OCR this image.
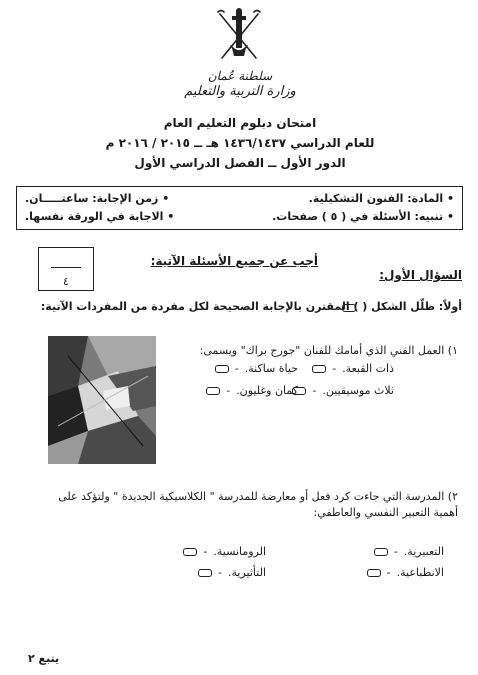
سلطنة عُمان
وزارة التربية والتعليم
امتحان دبلوم التعليم العام
للعام الدراسي ١٤٣٦/١٤٣٧ هـ ــ ٢٠١٥ / ٢٠١٦ م
الدور الأول ــ الفصل الدراسي الأول
• المادة: الفنون التشكيلية.
• زمن الإجابة: ساعتـــــان.
• تنبيه: الأسئلة في ( ٥ ) صفحات.
• الاجابة في الورقة نفسها.
٤
أجب عن جميع الأسئلة الآتية:
السؤال الأول:
أولاً: ظلّل الشكل ( ) المقترن بالإجابة الصحيحة لكل مفردة من المفردات الآتية:
١) العمل الفني الذي أمامك للفنان "جورج براك" ويسمى:
- ذات القبعة.
- حياة ساكنة.
- ثلاث موسيقيين.
- كمان وغليون.
٢) المدرسة التي جاءت كرد فعل أو معارضة للمدرسة " الكلاسيكية الجديدة " ولتؤكد على
أهمية التعبير النفسي والعاطفي:
- التعبيرية.
- الرومانسية.
- الانطباعية.
- التأثيرية.
يتبع ٢
